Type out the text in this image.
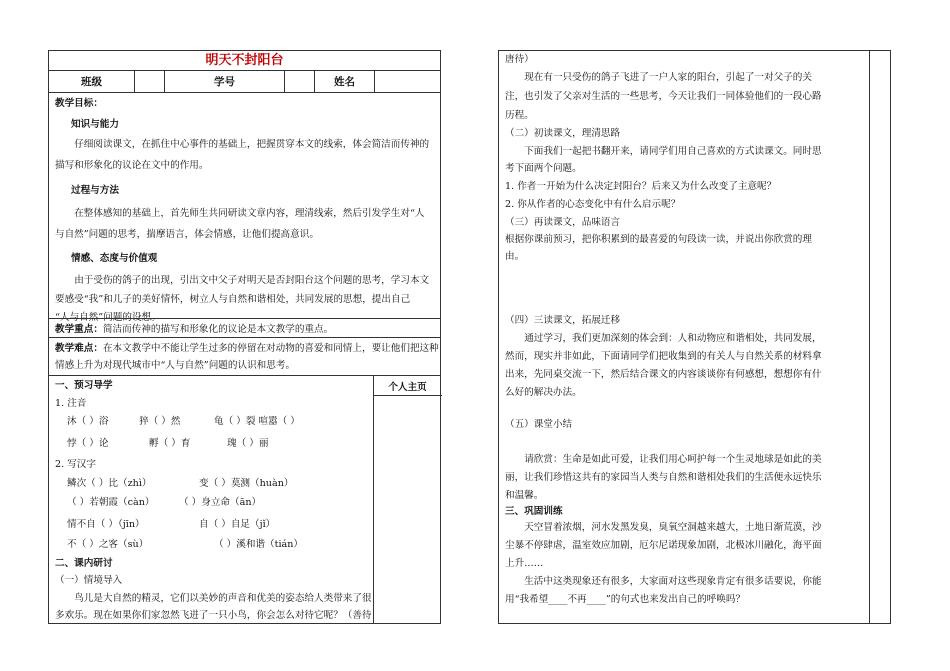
明天不封阳台
班级	学号	姓名
教学目标：
知识与能力
仔细阅读课文，在抓住中心事件的基础上，把握贯穿本文的线索，体会简洁而传神的
描写和形象化的议论在文中的作用。
过程与方法
在整体感知的基础上，首先师生共同研读文章内容，理清线索，然后引发学生对“人
与自然”问题的思考，揣摩语言，体会情感，让他们提高意识。
情感、态度与价值观
由于受伤的鸽子的出现，引出文中父子对明天是否封阳台这个问题的思考，学习本文
要感受“我”和儿子的美好情怀，树立人与自然和谐相处，共同发展的思想，提出自己
“人与自然”问题的设想。
教学重点：简洁而传神的描写和形象化的议论是本文教学的重点。
教学难点：在本文教学中不能让学生过多的停留在对动物的喜爱和同情上，要让他们把这种
情感上升为对现代城市中“人与自然”问题的认识和思考。
个人主页
一、预习导学
1. 注音
沐（ ）浴	猝（ ）然	龟（ ）裂 喧嚣（ ）
悖（ ）论	孵（ ）育	瑰（ ）丽
2. 写汉字
鳞次（ ）比（zhì）	变（ ）莫测（huàn）
（ ）若朝霞（càn）	（ ）身立命（ān）
情不自（ ）（jīn）	自（ ）自足（jǐ）
不（ ）之客（sù）	（ ）溪和谐（tián）
二、课内研讨
（一）情境导入
鸟儿是大自然的精灵，它们以美妙的声音和优美的姿态给人类带来了很
多欢乐。现在如果你们家忽然飞进了一只小鸟，你会怎么对待它呢？（善待
唐待）
现在有一只受伤的鸽子飞进了一户人家的阳台，引起了一对父子的关
注，也引发了父亲对生活的一些思考，今天让我们一同体验他们的一段心路
历程。
（二）初读课文，理清思路
下面我们一起把书翻开来，请同学们用自己喜欢的方式读课文。同时思
考下面两个问题。
1. 作者一开始为什么决定封阳台？后来又为什么改变了主意呢？
2. 你从作者的心态变化中有什么启示呢？
（三）再读课文，品味语言
根据你课前预习，把你积累到的最喜爱的句段读一读，并说出你欣赏的理
由。
（四）三读课文，拓展迁移
通过学习，我们更加深刻的体会到：人和动物应和谐相处，共同发展，
然而，现实并非如此，下面请同学们把收集到的有关人与自然关系的材料拿
出来，先同桌交流一下，然后结合课文的内容谈谈你有何感想，想想你有什
么好的解决办法。
（五）课堂小结
请欣赏：生命是如此可爱，让我们用心呵护每一个生灵地球是如此的美
丽，让我们珍惜这共有的家园当人类与自然和谐相处我们的生活便永远快乐
和温馨。
三、巩固训练
天空冒着浓烟，河水发黑发臭，臭氧空洞越来越大，土地日渐荒漠，沙
尘暴不停肆虐，温室效应加剧，厄尔尼诺现象加剧，北极冰川融化，海平面
上升……
生活中这类现象还有很多，大家面对这些现象肯定有很多话要说，你能
用“我希望____不再____”的句式也来发出自己的呼唤吗？
